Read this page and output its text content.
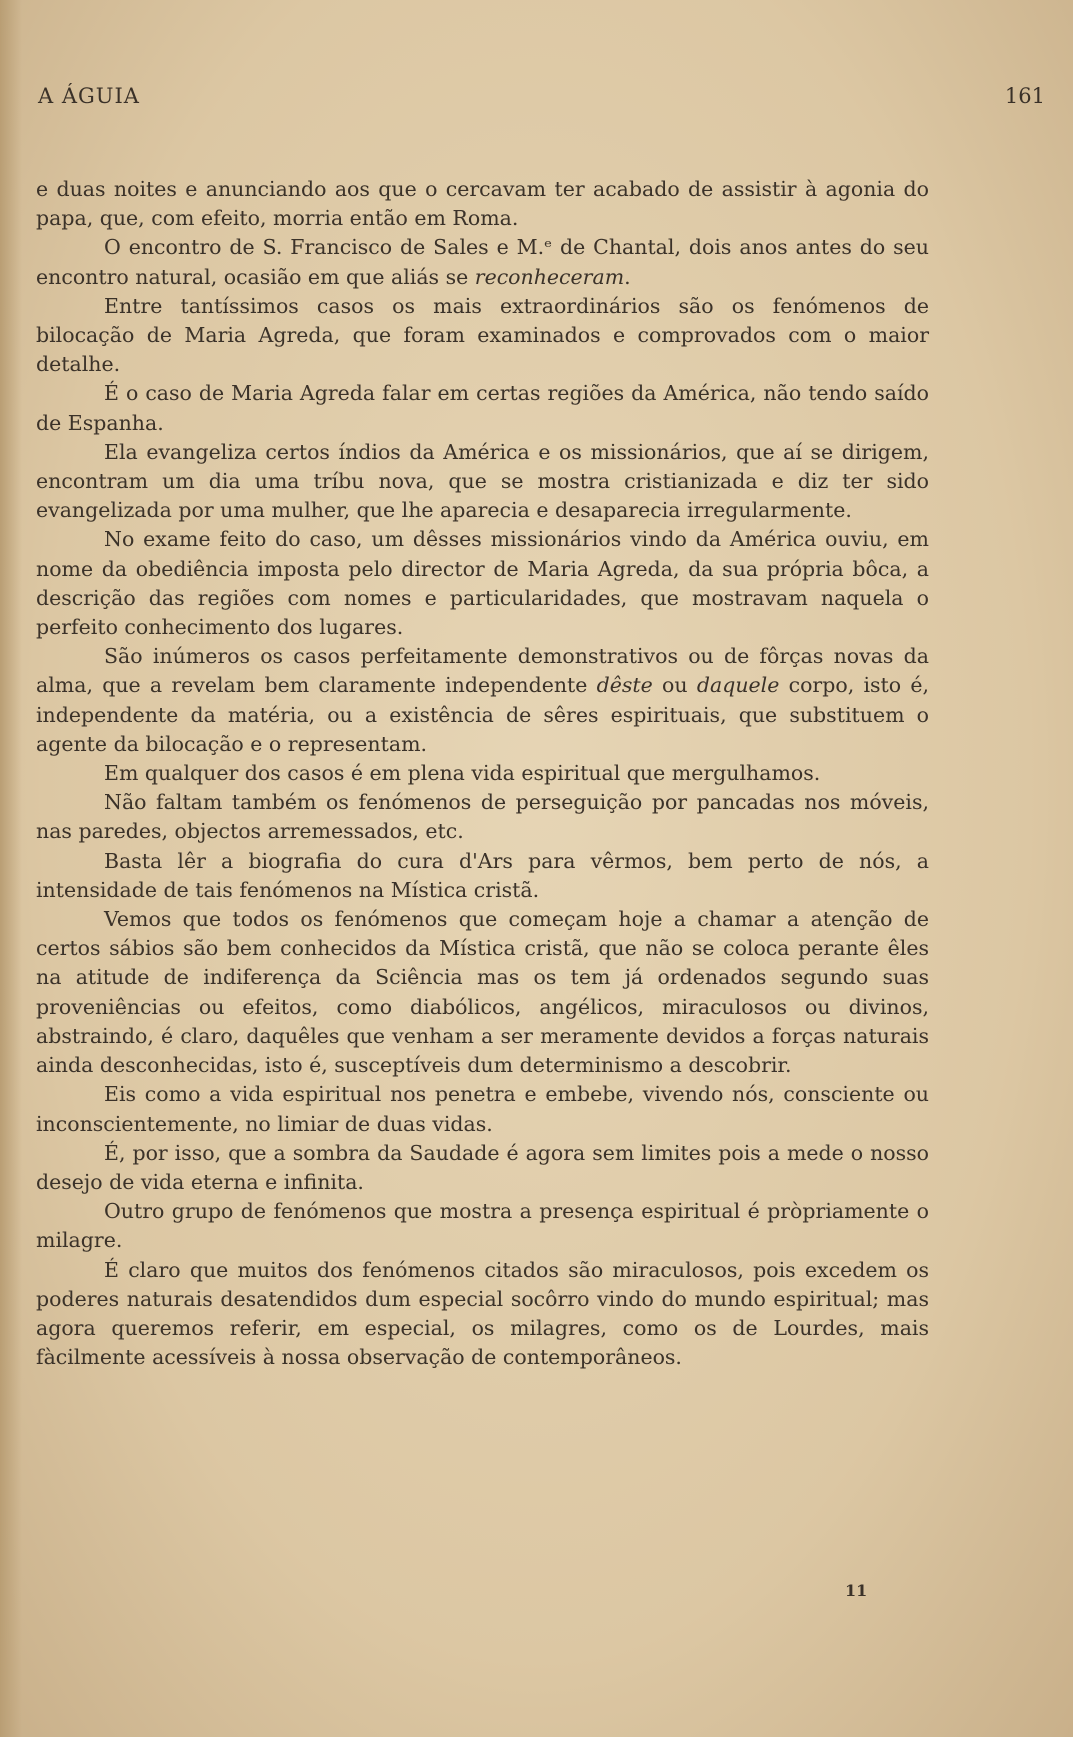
A ÁGUIA	161

e duas noites e anunciando aos que o cercavam ter acabado de assistir à agonia do papa, que, com efeito, morria então em Roma.

O encontro de S. Francisco de Sales e M.ᵉ de Chantal, dois anos antes do seu encontro natural, ocasião em que aliás se reconheceram.

Entre tantíssimos casos os mais extraordinários são os fenómenos de bilocação de Maria Agreda, que foram examinados e comprovados com o maior detalhe.

É o caso de Maria Agreda falar em certas regiões da América, não tendo saído de Espanha.

Ela evangeliza certos índios da América e os missionários, que aí se dirigem, encontram um dia uma tríbu nova, que se mostra cristianizada e diz ter sido evangelizada por uma mulher, que lhe aparecia e desaparecia irregularmente.

No exame feito do caso, um dêsses missionários vindo da América ouviu, em nome da obediência imposta pelo director de Maria Agreda, da sua própria bôca, a descrição das regiões com nomes e particularidades, que mostravam naquela o perfeito conhecimento dos lugares.

São inúmeros os casos perfeitamente demonstrativos ou de fôrças novas da alma, que a revelam bem claramente independente dêste ou daquele corpo, isto é, independente da matéria, ou a existência de sêres espirituais, que substituem o agente da bilocação e o representam.

Em qualquer dos casos é em plena vida espiritual que mergulhamos.

Não faltam também os fenómenos de perseguição por pancadas nos móveis, nas paredes, objectos arremessados, etc.

Basta lêr a biografia do cura d'Ars para vêrmos, bem perto de nós, a intensidade de tais fenómenos na Mística cristã.

Vemos que todos os fenómenos que começam hoje a chamar a atenção de certos sábios são bem conhecidos da Mística cristã, que não se coloca perante êles na atitude de indiferença da Sciência mas os tem já ordenados segundo suas proveniências ou efeitos, como diabólicos, angélicos, miraculosos ou divinos, abstraindo, é claro, daquêles que venham a ser meramente devidos a forças naturais ainda desconhecidas, isto é, susceptíveis dum determinismo a descobrir.

Eis como a vida espiritual nos penetra e embebe, vivendo nós, consciente ou inconscientemente, no limiar de duas vidas.

É, por isso, que a sombra da Saudade é agora sem limites pois a mede o nosso desejo de vida eterna e infinita.

Outro grupo de fenómenos que mostra a presença espiritual é pròpriamente o milagre.

É claro que muitos dos fenómenos citados são miraculosos, pois excedem os poderes naturais desatendidos dum especial socôrro vindo do mundo espiritual; mas agora queremos referir, em especial, os milagres, como os de Lourdes, mais fàcilmente acessíveis à nossa observação de contemporâneos.

11
